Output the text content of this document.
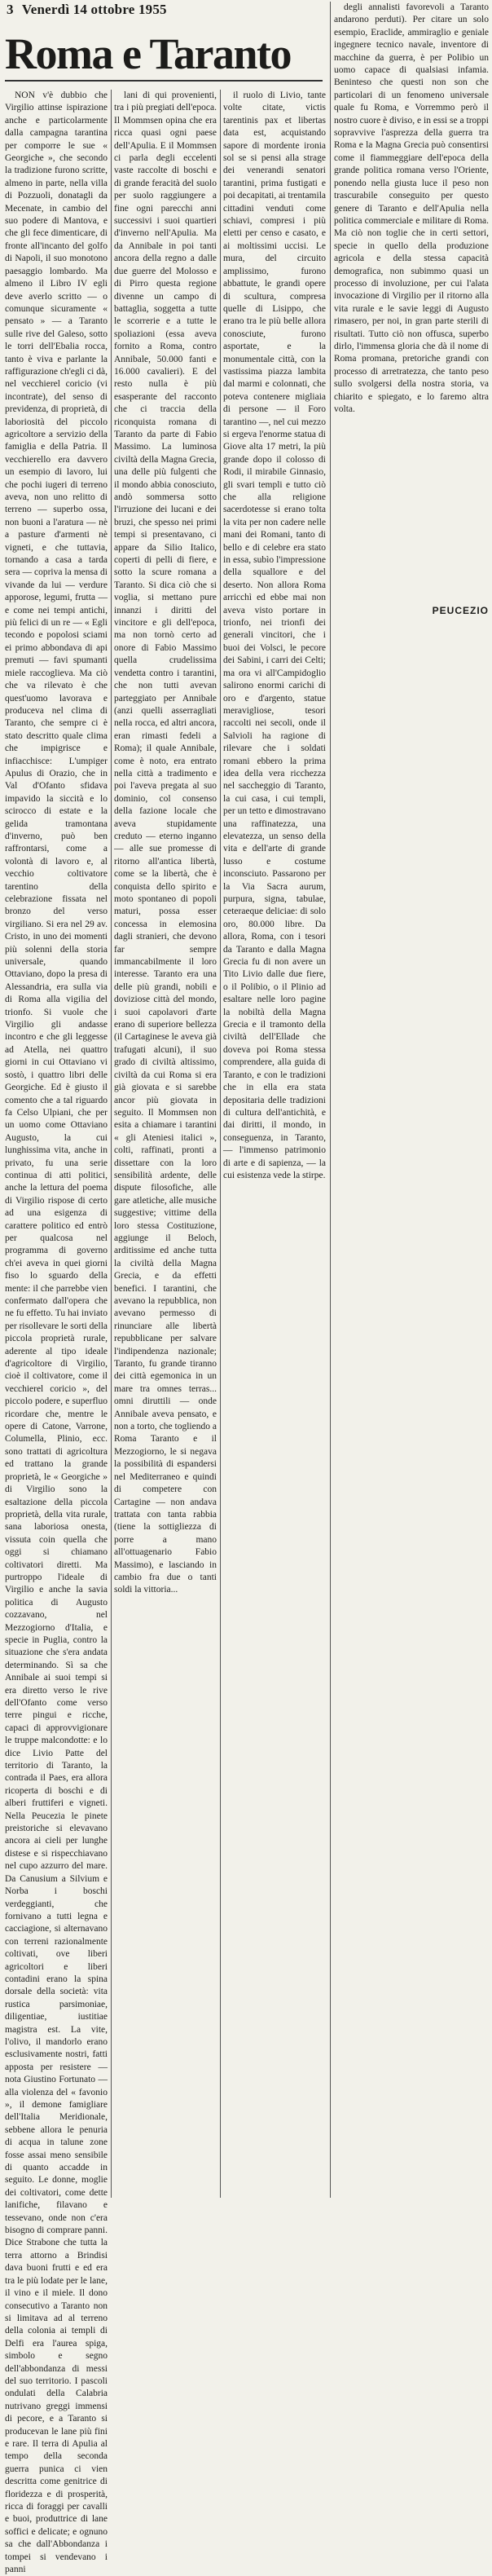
3 Venerdì 14 ottobre 1955
Roma e Taranto

NON v'è dubbio che Virgilio attinse ispirazione anche e particolarmente dalla campagna tarantina per comporre le sue « Georgiche », che secondo la tradizione furono scritte, almeno in parte, nella villa di Pozzuoli, donatagli da Mecenate, in cambio del suo podere di Mantova, e che gli fece dimenticare, di fronte all'incanto del golfo di Napoli, il suo monotono paesaggio lombardo. Ma almeno il Libro IV egli deve averlo scritto — o comunque sicuramente « pensato » — a Taranto sulle rive del Galeso, sotto le torri dell'Ebalia rocca, tanto è viva e parlante la raffigurazione ch'egli ci dà, nel vecchierel coricio (vi incontrate), del senso di previdenza, di proprietà, di laboriosità del piccolo agricoltore a servizio della famiglia e della Patria. Il vecchierello era davvero un esempio di lavoro, lui che pochi iugeri di terreno aveva, non uno relitto di terreno — superbo ossa, non buoni a l'aratura — nè a pasture d'armenti nè vigneti, e che tuttavia, tornando a casa a tarda sera — copriva la mensa di vivande da lui — verdure apporose, legumi, frutta — e come nei tempi antichi, più felici di un re — « Egli tecondo e popolosi sciami ei primo abbondava di api premuti — favi spumanti miele raccoglieva. Ma ciò che va rilevato è che quest'uomo lavorava e produceva nel clima di Taranto, che sempre ci è stato descritto quale clima che impigrisce e infiacchisce: L'umpiger Apulus di Orazio, che in Val d'Ofanto sfidava impavido la siccità e lo scirocco di estate e la gelida tramontana d'inverno, può ben raffrontarsi, come a volontà di lavoro e, al vecchio coltivatore tarentino della celebrazione fissata nel bronzo del verso virgiliano. Si era nel 29 av. Cristo, in uno dei momenti più solenni della storia universale, quando Ottaviano, dopo la presa di Alessandria, era sulla via di Roma alla vigilia del trionfo. Si vuole che Virgilio gli andasse incontro e che gli leggesse ad Atella, nei quattro giorni in cui Ottaviano vi sostò, i quattro libri delle Georgiche. Ed è giusto il comento che a tal riguardo fa Celso Ulpiani, che per un uomo come Ottaviano Augusto, la cui lunghissima vita, anche in privato, fu una serie continua di atti politici, anche la lettura del poema di Virgilio rispose di certo ad una esigenza di carattere politico ed entrò per qualcosa nel programma di governo ch'ei aveva in quei giorni fiso lo sguardo della mente: il che parrebbe vien confermato dall'opera che ne fu effetto. Tu hai inviato per risollevare le sorti della piccola proprietà rurale, aderente al tipo ideale d'agricoltore di Virgilio, cioè il coltivatore, come il vecchierel coricio », del piccolo podere, e superfluo ricordare che, mentre le opere di Catone, Varrone, Columella, Plinio, ecc. sono trattati di agricoltura ed trattano la grande proprietà, le « Georgiche » di Virgilio sono la esaltazione della piccola proprietà, della vita rurale, sana laboriosa onesta, vissuta coin quella che oggi si chiamano coltivatori diretti. Ma purtroppo l'ideale di Virgilio e anche la savia politica di Augusto cozzavano, nel Mezzogiorno d'Italia, e specie in Puglia, contro la situazione che s'era andata determinando. Sì sa che Annibale ai suoi tempi si era diretto verso le rive dell'Ofanto come verso terre pingui e ricche, capaci di approvvigionare le truppe malcondotte: e lo dice Livio Patte del territorio di Taranto, la contrada il Paes, era allora ricoperta di boschi e di alberi fruttiferi e vigneti. Nella Peucezia le pinete preistoriche si elevavano ancora ai cieli per lunghe distese e si rispecchiavano nel cupo azzurro del mare. Da Canusium a Silvium e Norba i boschi verdeggianti, che fornivano a tutti legna e cacciagione, si alternavano con terreni razionalmente coltivati, ove liberi agricoltori e liberi contadini erano la spina dorsale della società: vita rustica parsimoniae, diligentiae, iustitiae magistra est. La vite, l'olivo, il mandorlo erano esclusivamente nostri, fatti apposta per resistere — nota Giustino Fortunato — alla violenza del « favonio », il demone famigliare dell'Italia Meridionale, sebbene allora le penuria di acqua in talune zone fosse assai meno sensibile di quanto accadde in seguito. Le donne, moglie dei coltivatori, come dette lanifiche, filavano e tessevano, onde non c'era bisogno di comprare panni. Dice Strabone che tutta la terra attorno a Brindisi dava buoni frutti e ed era tra le più lodate per le lane, il vino e il miele. Il dono consecutivo a Taranto non si limitava ad al terreno della colonia ai templi di Delfi era l'aurea spiga, simbolo e segno dell'abbondanza di messi del suo territorio. I pascoli ondulati della Calabria nutrivano greggi immensi di pecore, e a Taranto si producevan le lane più fini e rare. Il terra di Apulia al tempo della seconda guerra punica ci vien descritta come genitrice di floridezza e di prosperità, ricca di foraggi per cavalli e buoi, produttrice di lane soffici e delicate; e ognuno sa che dall'Abbondanza i tompei si vendevano i panni

lani di qui provenienti, tra i più pregiati dell'epoca. Il Mommsen opina che era ricca quasi ogni paese dell'Apulia. E il Mommsen ci parla degli eccelenti vaste raccolte di boschi e di grande feracità del suolo per suolo raggiungere a fine ogni parecchi anni successivi i suoi quartieri d'inverno nell'Apulia. Ma da Annibale in poi tanti ancora della regno a dalle due guerre del Molosso e di Pirro questa regione divenne un campo di battaglia, soggetta a tutte le scorrerie e a tutte le spoliazioni (essa aveva fornito a Roma, contro Annibale, 50.000 fanti e 16.000 cavalieri). E del resto nulla è più esasperante del racconto che ci traccia della riconquista romana di Taranto da parte di Fabio Massimo. La luminosa civiltà della Magna Grecia, una delle più fulgenti che il mondo abbia conosciuto, andò sommersa sotto l'irruzione dei lucani e dei bruzi, che spesso nei primi tempi si presentavano, ci appare da Silio Italico, coperti di pelli di fiere, e sotto la scure romana a Taranto. Si dica ciò che si voglia, si mettano pure innanzi i diritti del vincitore e gli dell'epoca, ma non tornò certo ad onore di Fabio Massimo quella crudelissima vendetta contro i tarantini, che non tutti avevan parteggiato per Annibale (anzi quelli asserragliati nella rocca, ed altri ancora, eran rimasti fedeli a Roma); il quale Annibale, come è noto, era entrato nella città a tradimento e poi l'aveva pregata al suo dominio, col consenso della fazione locale che aveva stupidamente creduto — eterno inganno — alle sue promesse di ritorno all'antica libertà, come se la libertà, che è conquista dello spirito e moto spontaneo di popoli maturi, possa esser concessa in elemosina dagli stranieri, che devono far sempre immancabilmente il loro interesse. Taranto era una delle più grandi, nobili e doviziose città del mondo, i suoi capolavori d'arte erano di superiore bellezza (il Cartaginese le aveva già trafugati alcuni), il suo grado di civiltà altissimo, civiltà da cui Roma si era già giovata e si sarebbe ancor più giovata in seguito. Il Mommsen non esita a chiamare i tarantini « gli Ateniesi italici », colti, raffinati, pronti a dissettare con la loro sensibilità ardente, delle dispute filosofiche, alle gare atletiche, alle musiche suggestive; vittime della loro stessa Costituzione, aggiunge il Beloch, arditissime ed anche tutta la civiltà della Magna Grecia, e da effetti benefici. I tarantini, che avevano la repubblica, non avevano permesso di rinunciare alle libertà repubblicane per salvare l'indipendenza nazionale; Taranto, fu grande tiranno dei città egemonica in un mare tra omnes terras... omni diruttili — onde Annibale aveva pensato, e non a torto, che togliendo a Roma Taranto e il Mezzogiorno, le si negava la possibilità di espandersi nel Mediterraneo e quindi di competere con Cartagine — non andava trattata con tanta rabbia (tiene la sottigliezza di porre a mano all'ottuagenario Fabio Massimo), e lasciando in cambio fra due o tanti soldi la vittoria...

il ruolo di Livio, tante volte citate, victis tarentinis pax et libertas data est, acquistando sapore di mordente ironia sol se si pensi alla strage dei venerandi senatori tarantini, prima fustigati e poi decapitati, ai trentamila cittadini venduti come schiavi, compresi i più eletti per censo e casato, e ai moltissimi uccisi. Le mura, del circuito amplissimo, furono abbattute, le grandi opere di scultura, compresa quelle di Lisippo, che erano tra le più belle allora conosciute, furono asportate, e la monumentale città, con la vastissima piazza lambita dal marmi e colonnati, che poteva contenere migliaia di persone — il Foro tarantino —, nel cui mezzo si ergeva l'enorme statua di Giove alta 17 metri, la più grande dopo il colosso di Rodi, il mirabile Ginnasio, gli svari templi e tutto ciò che alla religione sacerdotesse si erano tolta la vita per non cadere nelle mani dei Romani, tanto di bello e di celebre era stato in essa, subìo l'impressione della squallore e del deserto. Non allora Roma arricchì ed ebbe mai non aveva visto portare in trionfo, nei trionfi dei generali vincitori, che i buoi dei Volsci, le pecore dei Sabini, i carri dei Celti; ma ora vi all'Campidoglio salirono enormi carichi di oro e d'argento, statue meravigliose, tesori raccolti nei secoli, onde il Salvioli ha ragione di rilevare che i soldati romani ebbero la prima idea della vera ricchezza nel saccheggio di Taranto, la cui casa, i cui templi, per un tetto e dimostravano una raffinatezza, una elevatezza, un senso della vita e dell'arte di grande lusso e costume inconsciuto. Passarono per la Via Sacra aurum, purpura, signa, tabulae, ceteraeque deliciae: di solo oro, 80.000 libre. Da allora, Roma, con i tesori da Taranto e dalla Magna Grecia fu di non avere un Tito Livio dalle due fiere, o il Polibio, o il Plinio ad esaltare nelle loro pagine la nobiltà della Magna Grecia e il tramonto della civiltà dell'Ellade che doveva poi Roma stessa comprendere, alla guida di Taranto, e con le tradizioni che in ella era stata depositaria delle tradizioni di cultura dell'antichità, e dai diritti, il mondo, in conseguenza, in Taranto, — l'immenso patrimonio di arte e di sapienza, — la cui esistenza vede la stirpe.

degli annalisti favorevoli a Taranto andarono perduti). Per citare un solo esempio, Eraclide, ammiraglio e geniale ingegnere tecnico navale, inventore di macchine da guerra, è per Polibio un uomo capace di qualsiasi infamia. Beninteso che questi non son che particolari di un fenomeno universale quale fu Roma, e Vorremmo però il nostro cuore è diviso, e in essi se a troppi sopravvive l'asprezza della guerra tra Roma e la Magna Grecia può consentirsi come il fiammeggiare dell'epoca della grande politica romana verso l'Oriente, ponendo nella giusta luce il peso non trascurabile conseguito per questo genere di Taranto e dell'Apulia nella politica commerciale e militare di Roma. Ma ciò non toglie che in certi settori, specie in quello della produzione agricola e della stessa capacità demografica, non subimmo quasi un processo di involuzione, per cui l'alata invocazione di Virgilio per il ritorno alla vita rurale e le savie leggi di Augusto rimasero, per noi, in gran parte sterili di risultati. Tutto ciò non offusca, superbo dirlo, l'immensa gloria che dà il nome di Roma promana, pretoriche grandi con processo di arretratezza, che tanto peso sullo svolgersi della nostra storia, va chiarito e spiegato, e lo faremo altra volta.

PEUCEZIO
